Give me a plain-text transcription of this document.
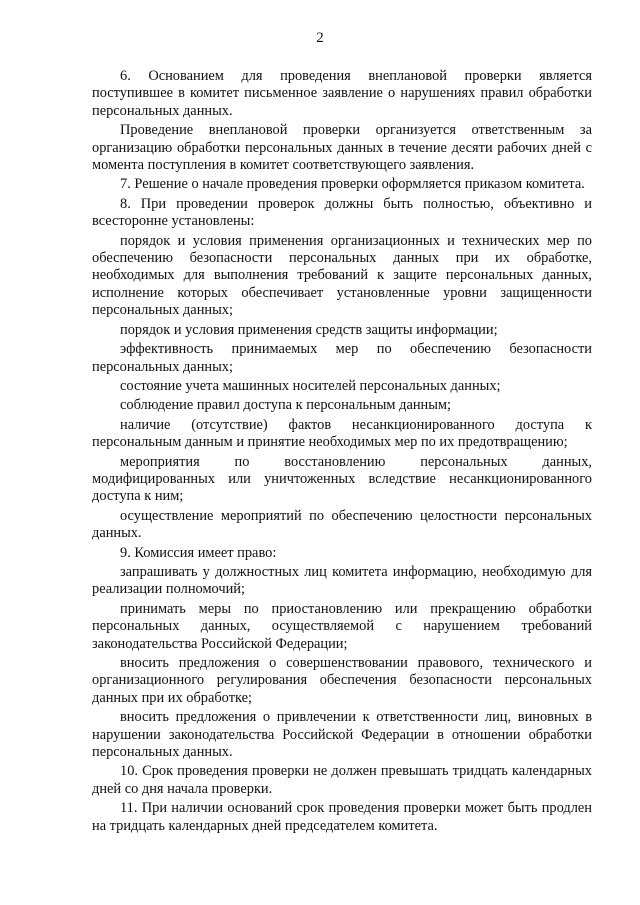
2

6. Основанием для проведения внеплановой проверки является поступившее в комитет письменное заявление о нарушениях правил обработки персональных данных.

Проведение внеплановой проверки организуется ответственным за организацию обработки персональных данных в течение десяти рабочих дней с момента поступления в комитет соответствующего заявления.

7. Решение о начале проведения проверки оформляется приказом комитета.

8. При проведении проверок должны быть полностью, объективно и всесторонне установлены:

порядок и условия применения организационных и технических мер по обеспечению безопасности персональных данных при их обработке, необходимых для выполнения требований к защите персональных данных, исполнение которых обеспечивает установленные уровни защищенности персональных данных;

порядок и условия применения средств защиты информации;

эффективность принимаемых мер по обеспечению безопасности персональных данных;

состояние учета машинных носителей персональных данных;

соблюдение правил доступа к персональным данным;

наличие (отсутствие) фактов несанкционированного доступа к персональным данным и принятие необходимых мер по их предотвращению;

мероприятия по восстановлению персональных данных, модифицированных или уничтоженных вследствие несанкционированного доступа к ним;

осуществление мероприятий по обеспечению целостности персональных данных.

9. Комиссия имеет право:

запрашивать у должностных лиц комитета информацию, необходимую для реализации полномочий;

принимать меры по приостановлению или прекращению обработки персональных данных, осуществляемой с нарушением требований законодательства Российской Федерации;

вносить предложения о совершенствовании правового, технического и организационного регулирования обеспечения безопасности персональных данных при их обработке;

вносить предложения о привлечении к ответственности лиц, виновных в нарушении законодательства Российской Федерации в отношении обработки персональных данных.

10. Срок проведения проверки не должен превышать тридцать календарных дней со дня начала проверки.

11. При наличии оснований срок проведения проверки может быть продлен на тридцать календарных дней председателем комитета.
